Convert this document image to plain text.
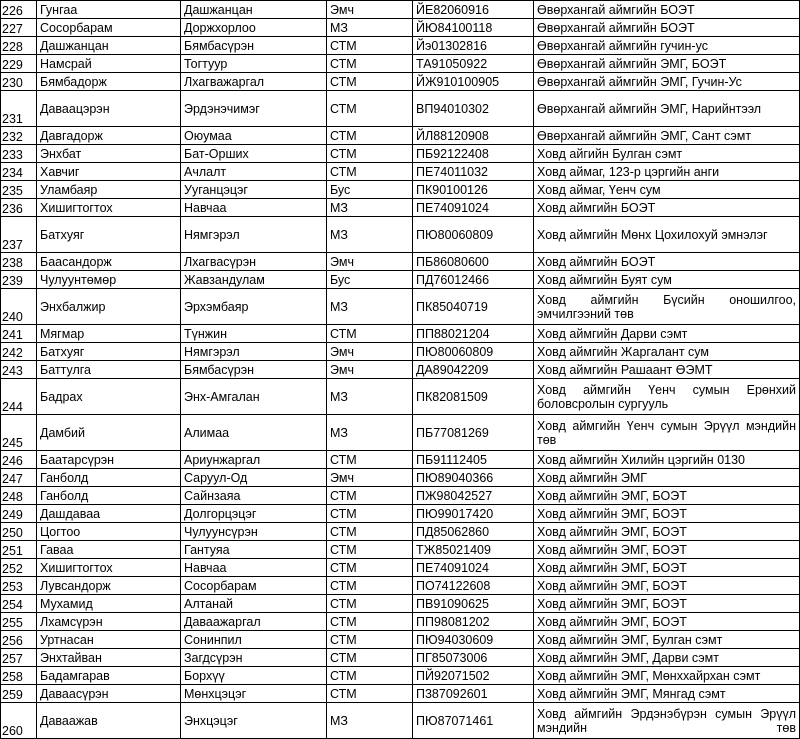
226	Гунгаа	Дашжанцан	Эмч	ЙЕ82060916	Өвөрхангай аймгийн БОЭТ
227	Сосорбарам	Доржхорлоо	МЗ	ЙЮ84100118	Өвөрхангай аймгийн БОЭТ
228	Дашжанцан	Бямбасүрэн	СТМ	Йэ01302816	Өвөрхангай аймгийн гучин-ус
229	Намсрай	Тогтуур	СТМ	ТА91050922	Өвөрхангай аймгийн ЭМГ, БОЭТ
230	Бямбадорж	Лхагважаргал	СТМ	ЙЖ910100905	Өвөрхангай аймгийн ЭМГ, Гучин-Ус
231	Даваацэрэн	Эрдэнэчимэг	СТМ	ВП94010302	Өвөрхангай аймгийн ЭМГ, Нарийнтээл
232	Давгадорж	Оюумаа	СТМ	ЙЛ88120908	Өвөрхангай аймгийн ЭМГ, Сант сэмт
233	Энхбат	Бат-Орших	СТМ	ПБ92122408	Ховд айгийн Булган сэмт
234	Хавчиг	Ачлалт	СТМ	ПЕ74011032	Ховд аймаг, 123-р цэргийн анги
235	Уламбаяр	Ууганцэцэг	Бус	ПК90100126	Ховд аймаг, Үенч сум
236	Хишигтогтох	Навчаа	МЗ	ПЕ74091024	Ховд аймгийн БОЭТ
237	Батхуяг	Нямгэрэл	МЗ	ПЮ80060809	Ховд аймгийн Мөнх Цохилохуй эмнэлэг
238	Баасандорж	Лхагвасүрэн	Эмч	ПБ86080600	Ховд аймгийн БОЭТ
239	Чулуунтөмөр	Жавзандулам	Бус	ПД76012466	Ховд аймгийн Буят сум
240	Энхбалжир	Эрхэмбаяр	МЗ	ПК85040719	Ховд аймгийн Бүсийн оношилгоо, эмчилгээний төв
241	Мягмар	Түнжин	СТМ	ПП88021204	Ховд аймгийн Дарви сэмт
242	Батхуяг	Нямгэрэл	Эмч	ПЮ80060809	Ховд аймгийн Жаргалант сум
243	Баттулга	Бямбасүрэн	Эмч	ДА89042209	Ховд аймгийн Рашаант ӨЭМТ
244	Бадрах	Энх-Амгалан	МЗ	ПК82081509	Ховд аймгийн Үенч сумын Ерөнхий боловсролын сургууль
245	Дамбий	Алимаа	МЗ	ПБ77081269	Ховд аймгийн Үенч сумын Эрүүл мэндийн төв
246	Баатарсүрэн	Ариунжаргал	СТМ	ПБ91112405	Ховд аймгийн Хилийн цэргийн 0130
247	Ганболд	Саруул-Од	Эмч	ПЮ89040366	Ховд аймгийн ЭМГ
248	Ганболд	Сайнзаяа	СТМ	ПЖ98042527	Ховд аймгийн ЭМГ, БОЭТ
249	Дашдаваа	Долгорцэцэг	СТМ	ПЮ99017420	Ховд аймгийн ЭМГ, БОЭТ
250	Цогтоо	Чулуунсүрэн	СТМ	ПД85062860	Ховд аймгийн ЭМГ, БОЭТ
251	Гаваа	Гантуяа	СТМ	ТЖ85021409	Ховд аймгийн ЭМГ, БОЭТ
252	Хишигтогтох	Навчаа	СТМ	ПЕ74091024	Ховд аймгийн ЭМГ, БОЭТ
253	Лувсандорж	Сосорбарам	СТМ	ПО74122608	Ховд аймгийн ЭМГ, БОЭТ
254	Мухамид	Алтанай	СТМ	ПВ91090625	Ховд аймгийн ЭМГ, БОЭТ
255	Лхамсүрэн	Даваажаргал	СТМ	ПП98081202	Ховд аймгийн ЭМГ, БОЭТ
256	Уртнасан	Сонинпил	СТМ	ПЮ94030609	Ховд аймгийн ЭМГ, Булган сэмт
257	Энхтайван	Загдсүрэн	СТМ	ПГ85073006	Ховд аймгийн ЭМГ, Дарви сэмт
258	Бадамгарав	Борхүү	СТМ	ПЙ92071502	Ховд аймгийн ЭМГ, Мөнххайрхан сэмт
259	Даваасүрэн	Мөнхцэцэг	СТМ	П387092601	Ховд аймгийн ЭМГ, Мянгад сэмт
260	Даваажав	Энхцэцэг	МЗ	ПЮ87071461	Ховд аймгийн Эрдэнэбүрэн сумын Эрүүл мэндийн төв
